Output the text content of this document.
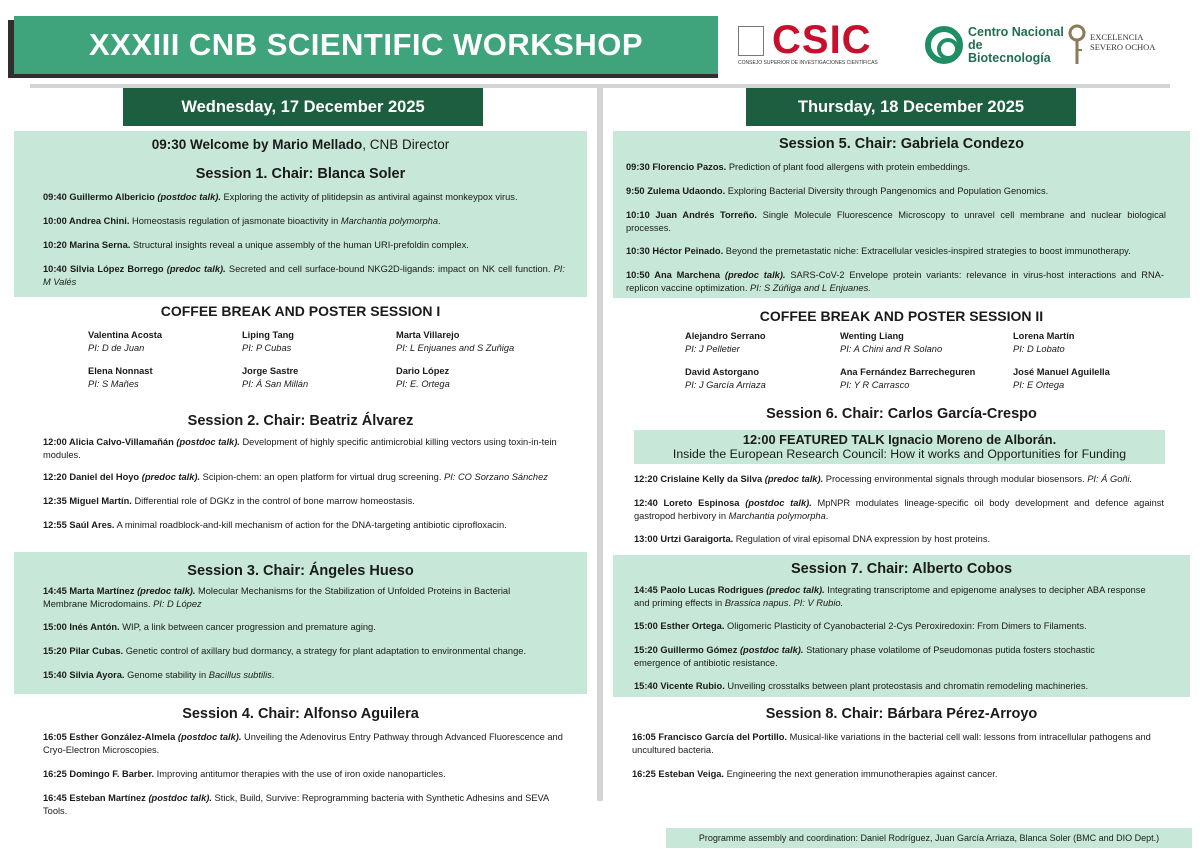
XXXIII CNB SCIENTIFIC WORKSHOP	CSIC
CONSEJO SUPERIOR DE INVESTIGACIONES CIENTÍFICAS
Centro Nacional de Biotecnología
EXCELENCIA SEVERO OCHOA
Wednesday, 17 December 2025	Thursday, 18 December 2025
09:30 Welcome by Mario Mellado, CNB Director
Session 1. Chair: Blanca Soler
09:40 Guillermo Albericio (postdoc talk). Exploring the activity of plitidepsin as antiviral against monkeypox virus.
10:00 Andrea Chini. Homeostasis regulation of jasmonate bioactivity in Marchantia polymorpha.
10:20 Marina Serna. Structural insights reveal a unique assembly of the human URI-prefoldin complex.
10:40 Silvia López Borrego (predoc talk). Secreted and cell surface-bound NKG2D-ligands: impact on NK cell function. PI: M Valés
COFFEE BREAK AND POSTER SESSION I
Valentina Acosta
PI: D de Juan
Liping Tang
PI: P Cubas
Marta Villarejo
PI: L Enjuanes and S Zuñiga
Elena Nonnast
PI: S Mañes
Jorge Sastre
PI: Á San Millán
Dario López
PI: E. Ortega
Session 2. Chair: Beatriz Álvarez
12:00 Alicia Calvo-Villamañán (postdoc talk). Development of highly specific antimicrobial killing vectors using toxin-in-tein modules.
12:20 Daniel del Hoyo (predoc talk). Scipion-chem: an open platform for virtual drug screening. PI: CO Sorzano Sánchez
12:35 Miguel Martín. Differential role of DGKz in the control of bone marrow homeostasis.
12:55 Saúl Ares. A minimal roadblock-and-kill mechanism of action for the DNA-targeting antibiotic ciprofloxacin.
Session 3. Chair: Ángeles Hueso
14:45 Marta Martínez (predoc talk). Molecular Mechanisms for the Stabilization of Unfolded Proteins in Bacterial Membrane Microdomains. PI: D López
15:00 Inés Antón. WIP, a link between cancer progression and premature aging.
15:20 Pilar Cubas. Genetic control of axillary bud dormancy, a strategy for plant adaptation to environmental change.
15:40 Silvia Ayora. Genome stability in Bacillus subtilis.
Session 4. Chair: Alfonso Aguilera
16:05 Esther González-Almela (postdoc talk). Unveiling the Adenovirus Entry Pathway through Advanced Fluorescence and Cryo-Electron Microscopies.
16:25 Domingo F. Barber. Improving antitumor therapies with the use of iron oxide nanoparticles.
16:45 Esteban Martínez (postdoc talk). Stick, Build, Survive: Reprogramming bacteria with Synthetic Adhesins and SEVA Tools.
Session 5. Chair: Gabriela Condezo
09:30 Florencio Pazos. Prediction of plant food allergens with protein embeddings.
9:50 Zulema Udaondo. Exploring Bacterial Diversity through Pangenomics and Population Genomics.
10:10 Juan Andrés Torreño. Single Molecule Fluorescence Microscopy to unravel cell membrane and nuclear biological processes.
10:30 Héctor Peinado. Beyond the premetastatic niche: Extracellular vesicles-inspired strategies to boost immunotherapy.
10:50 Ana Marchena (predoc talk). SARS-CoV-2 Envelope protein variants: relevance in virus-host interactions and RNA-replicon vaccine optimization. PI: S Zúñiga and L Enjuanes.
COFFEE BREAK AND POSTER SESSION II
Alejandro Serrano
PI: J Pelletier
Wenting Liang
PI: A Chini and R Solano
Lorena Martín
PI: D Lobato
David Astorgano
PI: J García Arriaza
Ana Fernández Barrecheguren
PI: Y R Carrasco
José Manuel Aguilella
PI: E Ortega
Session 6. Chair: Carlos García-Crespo
12:00 FEATURED TALK Ignacio Moreno de Alborán.
Inside the European Research Council: How it works and Opportunities for Funding
12:20 Crislaine Kelly da Silva (predoc talk). Processing environmental signals through modular biosensors. PI: Á Goñi.
12:40 Loreto Espinosa (postdoc talk). MpNPR modulates lineage-specific oil body development and defence against gastropod herbivory in Marchantia polymorpha.
13:00 Urtzi Garaigorta. Regulation of viral episomal DNA expression by host proteins.
Session 7. Chair: Alberto Cobos
14:45 Paolo Lucas Rodrigues (predoc talk). Integrating transcriptome and epigenome analyses to decipher ABA response and priming effects in Brassica napus. PI: V Rubio.
15:00 Esther Ortega. Oligomeric Plasticity of Cyanobacterial 2-Cys Peroxiredoxin: From Dimers to Filaments.
15:20 Guillermo Gómez (postdoc talk). Stationary phase volatilome of Pseudomonas putida fosters stochastic emergence of antibiotic resistance.
15:40 Vicente Rubio. Unveiling crosstalks between plant proteostasis and chromatin remodeling machineries.
Session 8. Chair: Bárbara Pérez-Arroyo
16:05 Francisco García del Portillo. Musical-like variations in the bacterial cell wall: lessons from intracellular pathogens and uncultured bacteria.
16:25 Esteban Veiga. Engineering the next generation immunotherapies against cancer.
Programme assembly and coordination: Daniel Rodríguez, Juan García Arriaza, Blanca Soler (BMC and DIO Dept.)
